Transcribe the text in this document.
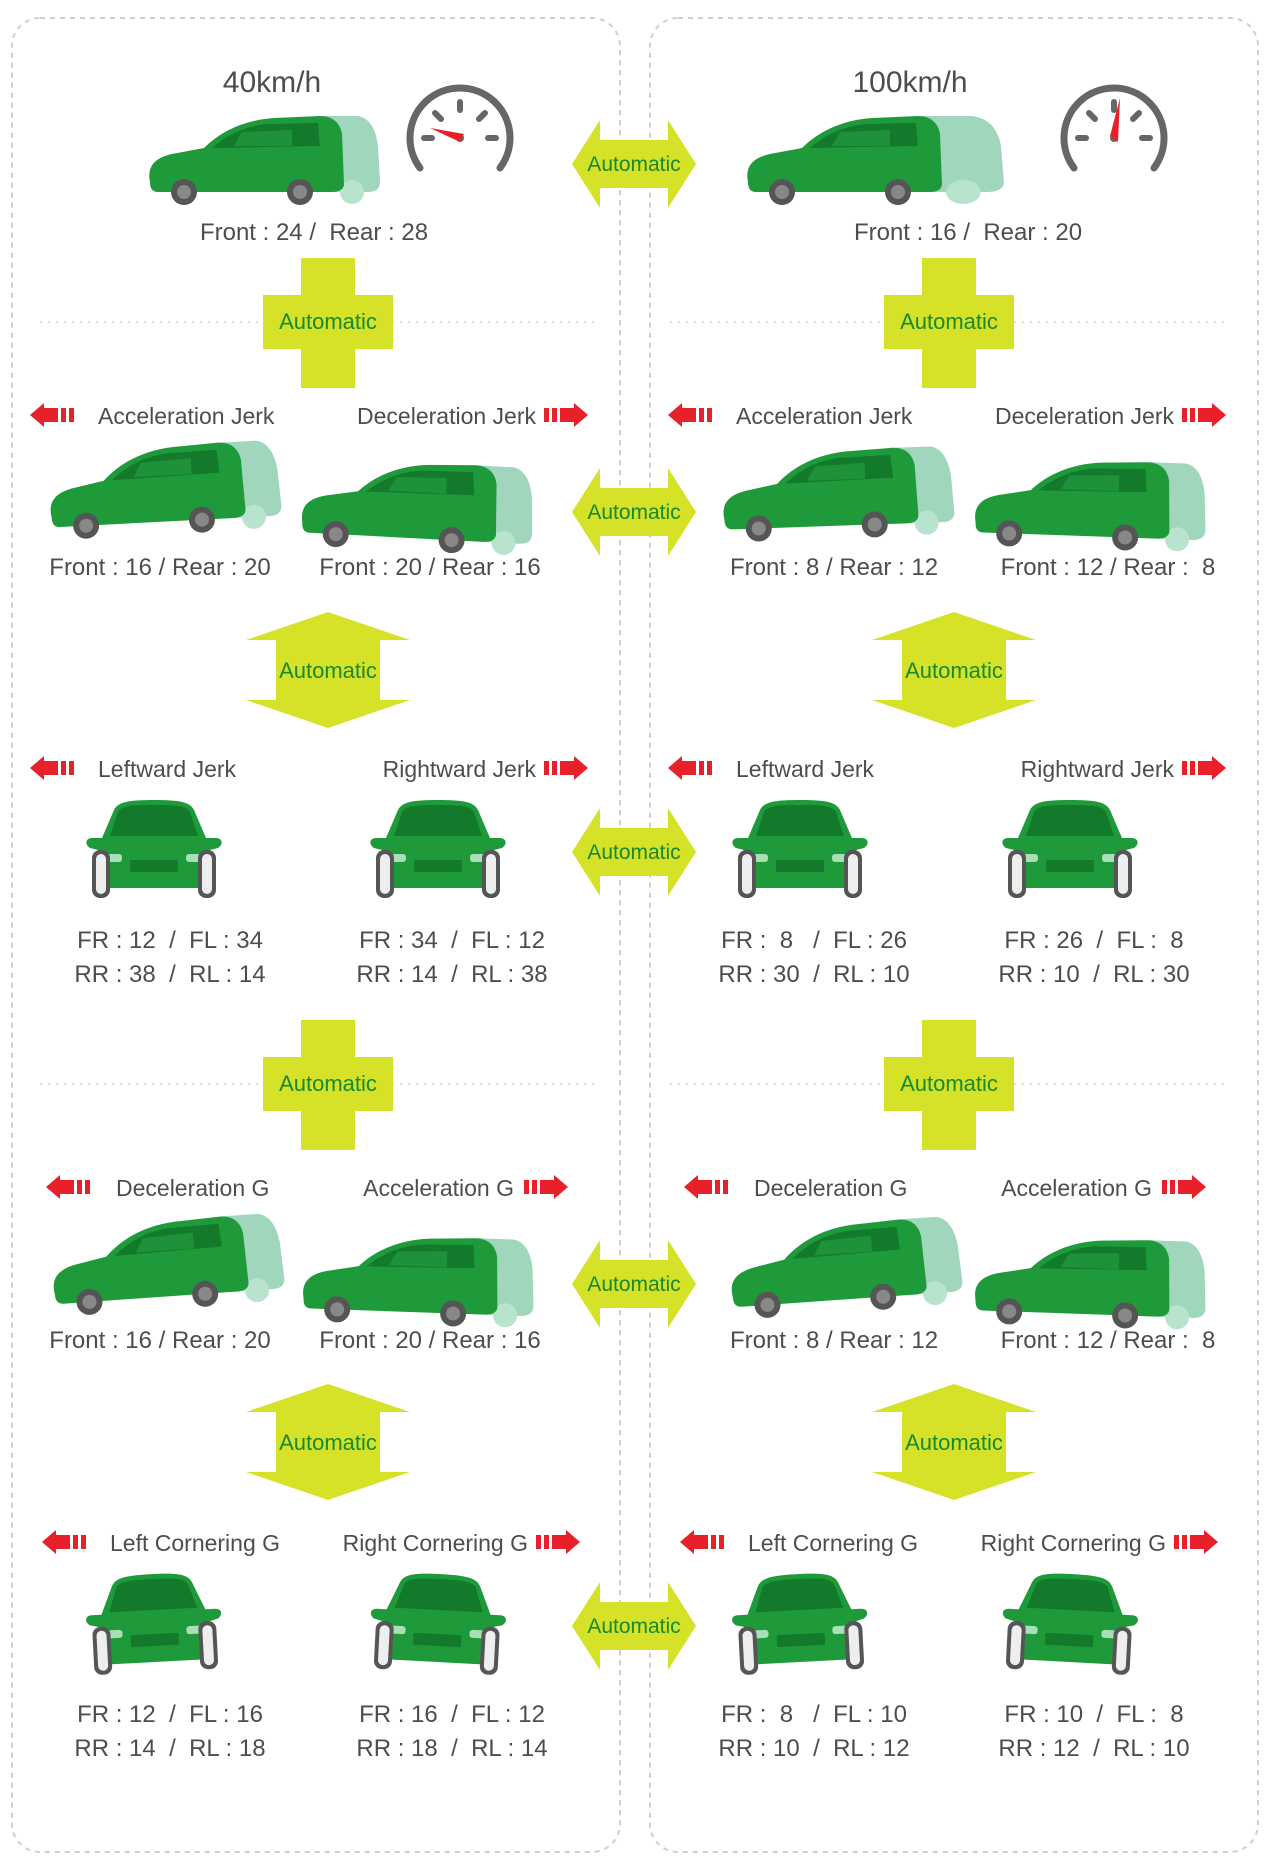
40km/h
Front : 24 /  Rear : 28
Automatic
Acceleration Jerk	Deceleration Jerk
Front : 16 / Rear : 20 Front : 20 / Rear : 16
Automatic
Leftward Jerk	Rightward Jerk
FR : 12  /  FL : 34
RR : 38  /  RL : 14
FR : 34  /  FL : 12
RR : 14  /  RL : 38
Automatic
Deceleration G	Acceleration G
Front : 16 / Rear : 20 Front : 20 / Rear : 16
Automatic
Left Cornering G	Right Cornering G
FR : 12  /  FL : 16
RR : 14  /  RL : 18
FR : 16  /  FL : 12
RR : 18  /  RL : 14
100km/h
Front : 16 /  Rear : 20
Automatic
Acceleration Jerk	Deceleration Jerk
Front : 8 / Rear : 12	Front : 12 / Rear :  8
Automatic
Leftward Jerk	Rightward Jerk
FR :  8   /  FL : 26
RR : 30  /  RL : 10
FR : 26  /  FL :  8
RR : 10  /  RL : 30
Automatic
Deceleration G	Acceleration G
Front : 8 / Rear : 12	Front : 12 / Rear :  8
Automatic
Left Cornering G	Right Cornering G
FR :  8   /  FL : 10
RR : 10  /  RL : 12
FR : 10  /  FL :  8
RR : 12  /  RL : 10
Automatic
Automatic
Automatic
Automatic
Automatic
